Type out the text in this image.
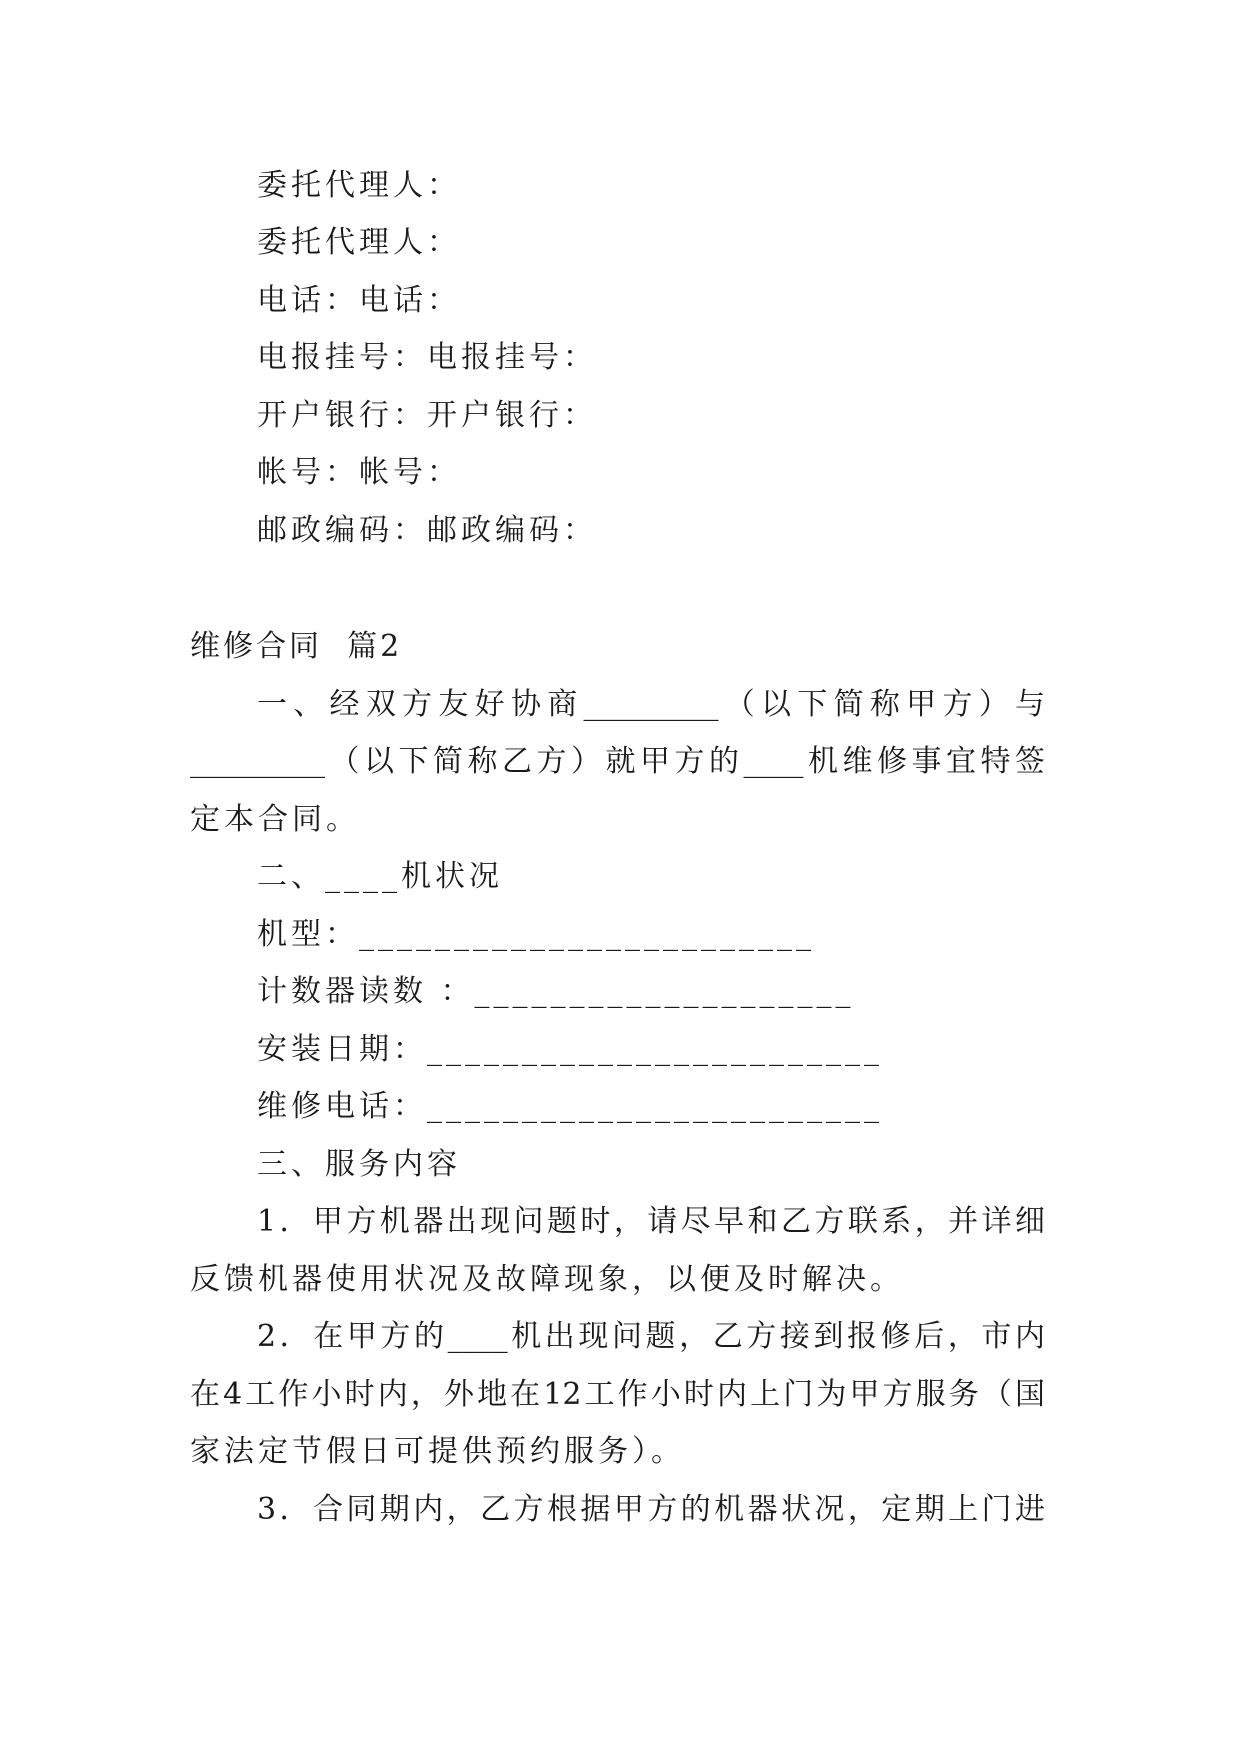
委托代理人：
委托代理人：
电话：电话：
电报挂号：电报挂号：
开户银行：开户银行：
帐号：帐号：
邮政编码：邮政编码：
维修合同  篇2
一、经双方友好协商_________（以下简称甲方）与
_________（以下简称乙方）就甲方的____机维修事宜特签
定本合同。
二、____机状况
机型：________________________
计数器读数 ：____________________
安装日期：________________________
维修电话：________________________
三、服务内容
1．甲方机器出现问题时，请尽早和乙方联系，并详细
反馈机器使用状况及故障现象，以便及时解决。
2．在甲方的____机出现问题，乙方接到报修后，市内
在4工作小时内，外地在12工作小时内上门为甲方服务（国
家法定节假日可提供预约服务）。
3．合同期内，乙方根据甲方的机器状况，定期上门进
